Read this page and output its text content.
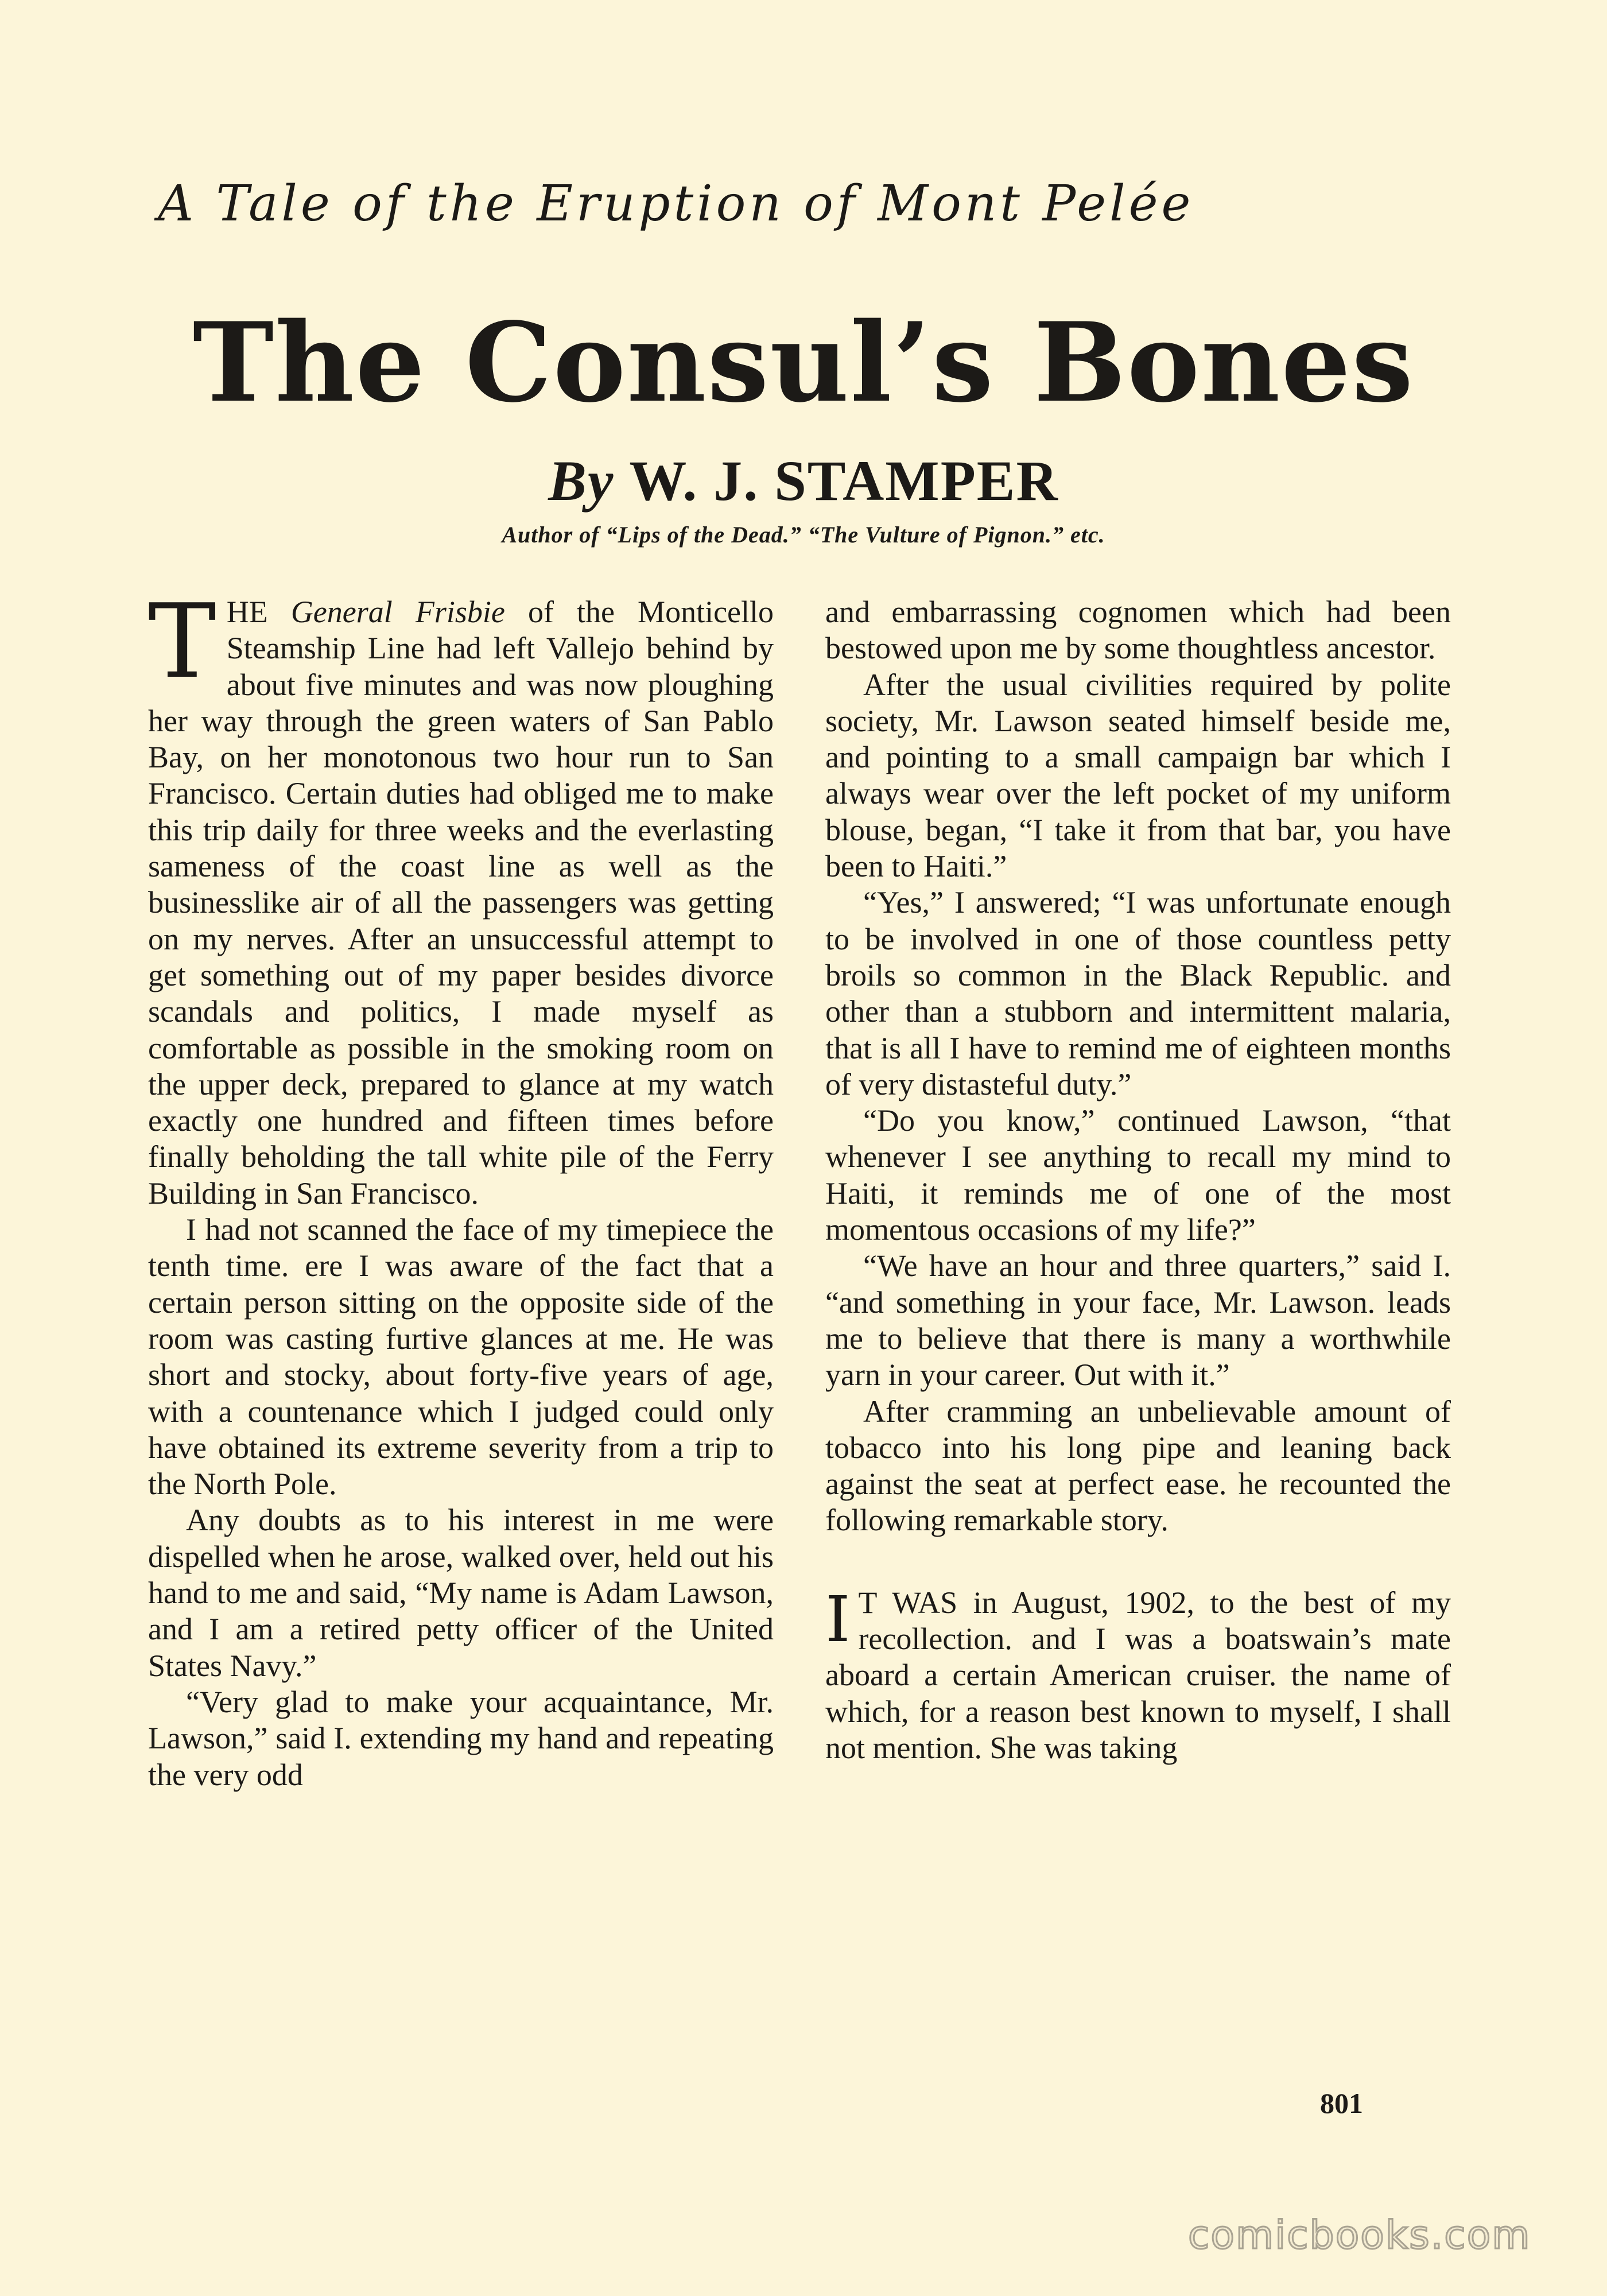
A Tale of the Eruption of Mont Pelée
The Consul’s Bones
By W. J. STAMPER
Author of “Lips of the Dead.” “The Vulture of Pignon.” etc.

THE General Frisbie of the Monticello Steamship Line had left Vallejo behind by about five minutes and was now ploughing her way through the green waters of San Pablo Bay, on her monotonous two hour run to San Francisco. Certain duties had obliged me to make this trip daily for three weeks and the everlasting sameness of the coast line as well as the businesslike air of all the passengers was getting on my nerves. After an unsuccessful attempt to get something out of my paper besides divorce scandals and politics, I made myself as comfortable as possible in the smoking room on the upper deck, prepared to glance at my watch exactly one hundred and fifteen times before finally beholding the tall white pile of the Ferry Building in San Francisco.

I had not scanned the face of my timepiece the tenth time. ere I was aware of the fact that a certain person sitting on the opposite side of the room was casting furtive glances at me. He was short and stocky, about forty-five years of age, with a countenance which I judged could only have obtained its extreme severity from a trip to the North Pole.

Any doubts as to his interest in me were dispelled when he arose, walked over, held out his hand to me and said, “My name is Adam Lawson, and I am a retired petty officer of the United States Navy.”

“Very glad to make your acquaintance, Mr. Lawson,” said I. extending my hand and repeating the very odd

and embarrassing cognomen which had been bestowed upon me by some thoughtless ancestor.

After the usual civilities required by polite society, Mr. Lawson seated himself beside me, and pointing to a small campaign bar which I always wear over the left pocket of my uniform blouse, began, “I take it from that bar, you have been to Haiti.”

“Yes,” I answered; “I was unfortunate enough to be involved in one of those countless petty broils so common in the Black Republic. and other than a stubborn and intermittent malaria, that is all I have to remind me of eighteen months of very distasteful duty.”

“Do you know,” continued Lawson, “that whenever I see anything to recall my mind to Haiti, it reminds me of one of the most momentous occasions of my life?”

“We have an hour and three quarters,” said I. “and something in your face, Mr. Lawson. leads me to believe that there is many a worthwhile yarn in your career. Out with it.”

After cramming an unbelievable amount of tobacco into his long pipe and leaning back against the seat at perfect ease. he recounted the following remarkable story.

I T WAS in August, 1902, to the best of my recollection. and I was a boatswain’s mate aboard a certain American cruiser. the name of which, for a reason best known to myself, I shall not mention. She was taking

801
comicbooks.com
